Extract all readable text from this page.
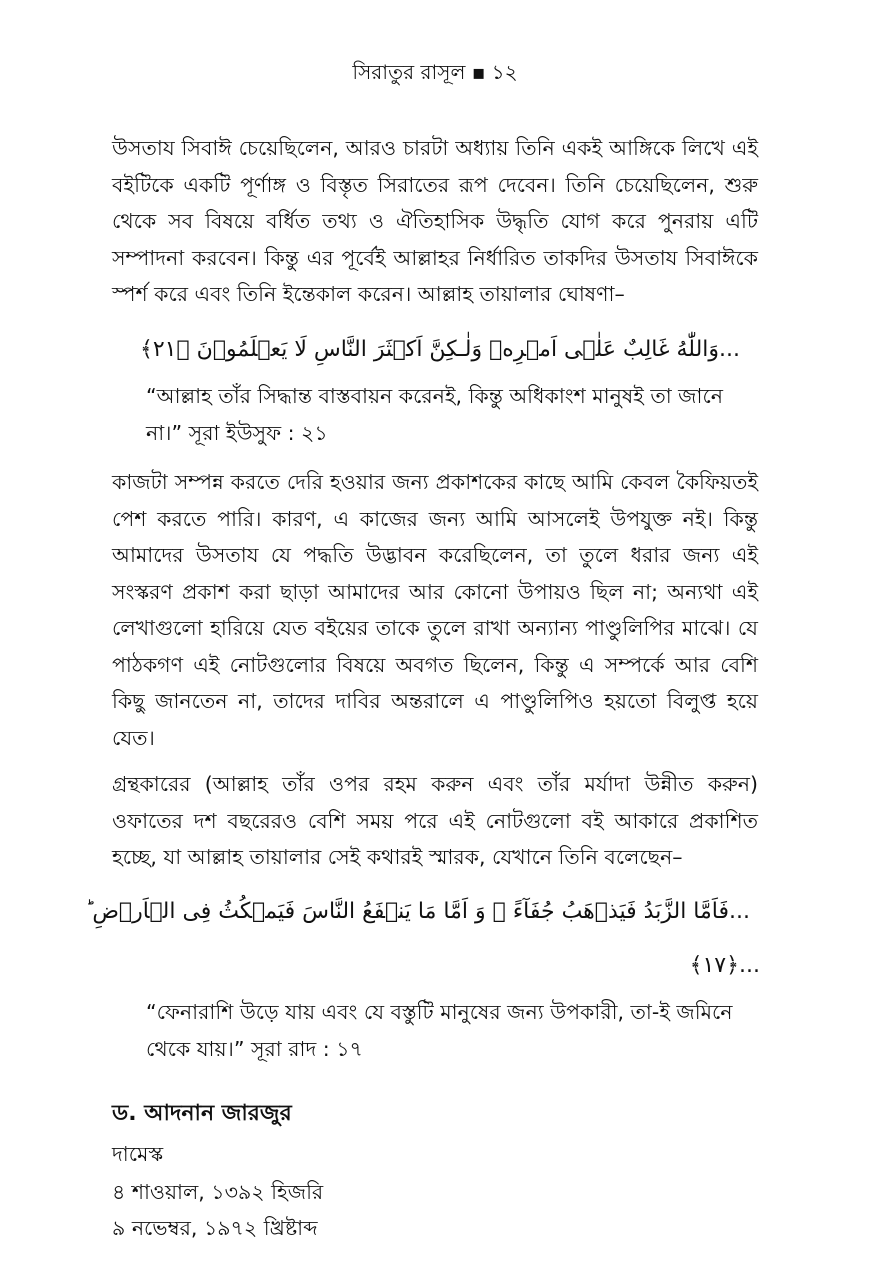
সিরাতুর রাসূল ▪ ১২

উসতায সিবাঈ চেয়েছিলেন, আরও চারটা অধ্যায় তিনি একই আঙ্গিকে লিখে এই বইটিকে একটি পূর্ণাঙ্গ ও বিস্তৃত সিরাতের রূপ দেবেন। তিনি চেয়েছিলেন, শুরু থেকে সব বিষয়ে বর্ধিত তথ্য ও ঐতিহাসিক উদ্ধৃতি যোগ করে পুনরায় এটি সম্পাদনা করবেন। কিন্তু এর পূর্বেই আল্লাহর নির্ধারিত তাকদির উসতায সিবাঈকে স্পর্শ করে এবং তিনি ইন্তেকাল করেন। আল্লাহ তায়ালার ঘোষণা–

...وَاللّٰهُ غَالِبٌ عَلٰۤى اَمۡرِهٖ وَلٰـكِنَّ اَكۡثَرَ النَّاسِ لَا يَعۡلَمُوۡنَ ﴿۲۱﴾

“আল্লাহ তাঁর সিদ্ধান্ত বাস্তবায়ন করেনই, কিন্তু অধিকাংশ মানুষই তা জানে না।” সূরা ইউসুফ : ২১

কাজটা সম্পন্ন করতে দেরি হওয়ার জন্য প্রকাশকের কাছে আমি কেবল কৈফিয়তই পেশ করতে পারি। কারণ, এ কাজের জন্য আমি আসলেই উপযুক্ত নই। কিন্তু আমাদের উসতায যে পদ্ধতি উদ্ভাবন করেছিলেন, তা তুলে ধরার জন্য এই সংস্করণ প্রকাশ করা ছাড়া আমাদের আর কোনো উপায়ও ছিল না; অন্যথা এই লেখাগুলো হারিয়ে যেত বইয়ের তাকে তুলে রাখা অন্যান্য পাণ্ডুলিপির মাঝে। যে পাঠকগণ এই নোটগুলোর বিষয়ে অবগত ছিলেন, কিন্তু এ সম্পর্কে আর বেশি কিছু জানতেন না, তাদের দাবির অন্তরালে এ পাণ্ডুলিপিও হয়তো বিলুপ্ত হয়ে যেত।

গ্রন্থকারের (আল্লাহ তাঁর ওপর রহম করুন এবং তাঁর মর্যাদা উন্নীত করুন) ওফাতের দশ বছরেরও বেশি সময় পরে এই নোটগুলো বই আকারে প্রকাশিত হচ্ছে, যা আল্লাহ তায়ালার সেই কথারই স্মারক, যেখানে তিনি বলেছেন–

...فَاَمَّا الزَّبَدُ فَيَذۡهَبُ جُفَآءً ۚ وَ اَمَّا مَا يَنۡفَعُ النَّاسَ فَيَمۡكُثُ فِى الۡاَرۡضِ ؕ
...﴿۱۷﴾

“ফেনারাশি উড়ে যায় এবং যে বস্তুটি মানুষের জন্য উপকারী, তা-ই জমিনে থেকে যায়।” সূরা রাদ : ১৭

ড. আদনান জারজুর

দামেস্ক

৪ শাওয়াল, ১৩৯২ হিজরি

৯ নভেম্বর, ১৯৭২ খ্রিষ্টাব্দ
